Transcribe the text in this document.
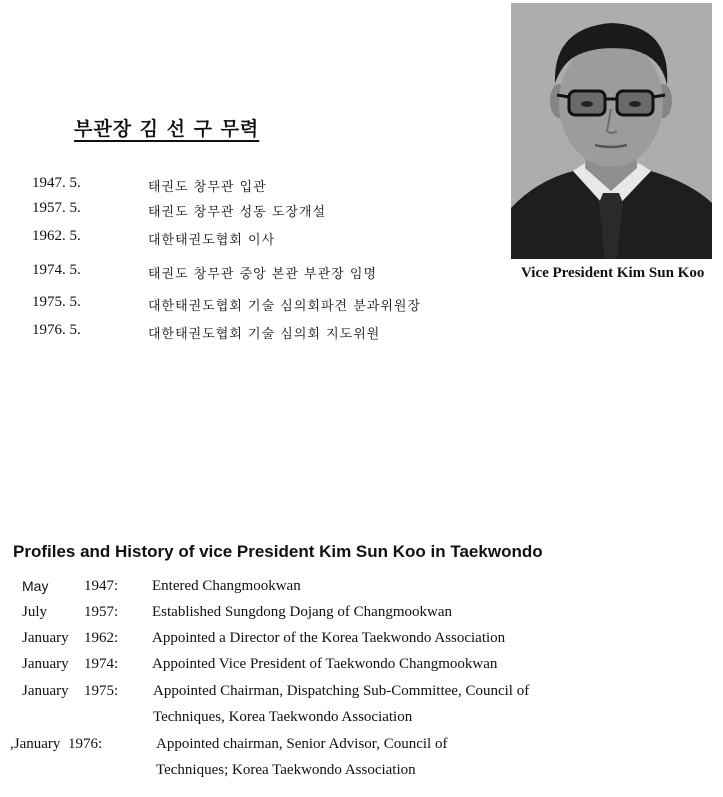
부관장 김 선 구 무력
1947. 5.	태권도 창무관 입관
1957. 5.	태권도 창무관 성동 도장개설
1962. 5.	대한태권도협회 이사
1974. 5.	태권도 창무관 중앙 본관 부관장 임명
1975. 5.	대한태권도협회 기술 심의회파견 분과위원장
1976. 5.	대한태권도협회 기술 심의회 지도위원

Vice President Kim Sun Koo

Profiles and History of vice President Kim Sun Koo in Taekwondo
May 1947: Entered Changmookwan
July 1957: Established Sungdong Dojang of Changmookwan
January 1962: Appointed a Director of the Korea Taekwondo Association
January 1974: Appointed Vice President of Taekwondo Changmookwan
January 1975: Appointed Chairman, Dispatching Sub-Committee, Council of
Techniques, Korea Taekwondo Association
,January 1976:	Appointed chairman, Senior Advisor, Council of
Techniques; Korea Taekwondo Association
